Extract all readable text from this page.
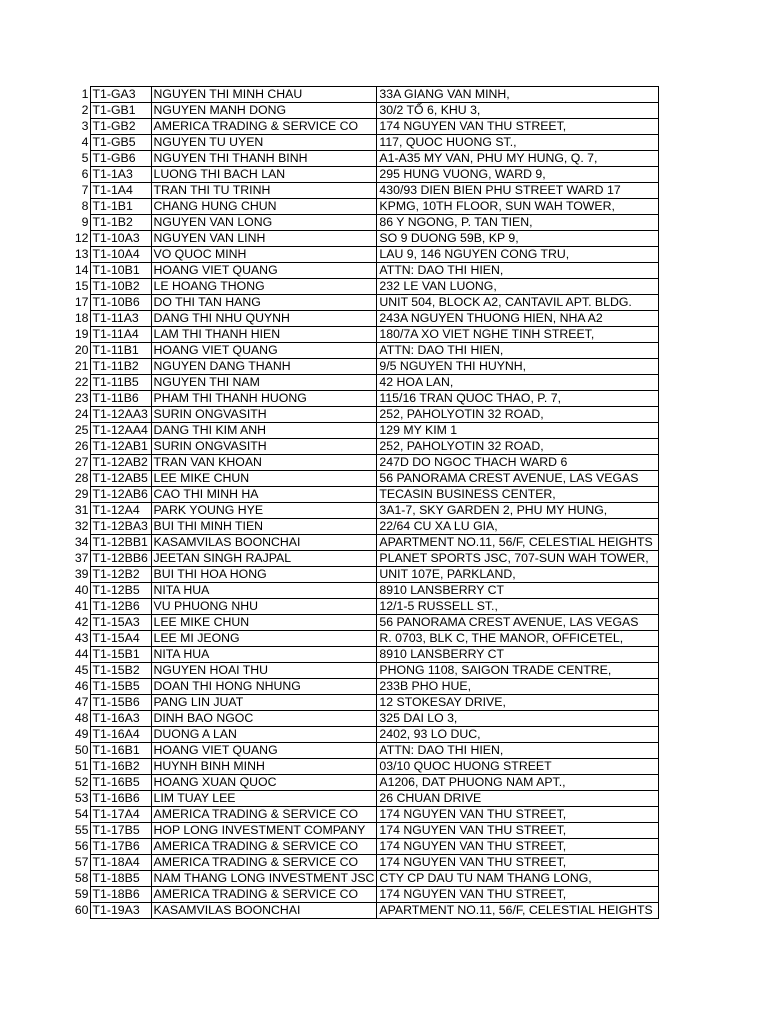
1	T1-GA3	NGUYEN THI MINH CHAU	33A GIANG VAN MINH,
2	T1-GB1	NGUYEN MANH DONG	30/2 TỐ 6, KHU 3,
3	T1-GB2	AMERICA TRADING & SERVICE CO	174 NGUYEN VAN THU STREET,
4	T1-GB5	NGUYEN TU UYEN	117, QUOC HUONG ST.,
5	T1-GB6	NGUYEN THI THANH BINH	A1-A35 MY VAN, PHU MY HUNG, Q. 7,
6	T1-1A3	LUONG THI BACH LAN	295 HUNG VUONG, WARD 9,
7	T1-1A4	TRAN THI TU TRINH	430/93 DIEN BIEN PHU STREET WARD 17
8	T1-1B1	CHANG HUNG CHUN	KPMG, 10TH FLOOR, SUN WAH TOWER,
9	T1-1B2	NGUYEN VAN LONG	86 Y NGONG, P. TAN TIEN,
12	T1-10A3	NGUYEN VAN LINH	SO 9 DUONG 59B, KP 9,
13	T1-10A4	VO QUOC MINH	LAU 9, 146 NGUYEN CONG TRU,
14	T1-10B1	HOANG VIET QUANG	ATTN: DAO THI HIEN,
15	T1-10B2	LE HOANG THONG	232 LE VAN LUONG,
17	T1-10B6	DO THI TAN HANG	UNIT 504, BLOCK A2, CANTAVIL APT. BLDG.
18	T1-11A3	DANG THI NHU QUYNH	243A NGUYEN THUONG HIEN, NHA A2
19	T1-11A4	LAM THI THANH HIEN	180/7A XO VIET NGHE TINH STREET,
20	T1-11B1	HOANG VIET QUANG	ATTN: DAO THI HIEN,
21	T1-11B2	NGUYEN DANG THANH	9/5 NGUYEN THI HUYNH,
22	T1-11B5	NGUYEN THI NAM	42 HOA LAN,
23	T1-11B6	PHAM THI THANH HUONG	115/16 TRAN QUOC THAO, P. 7,
24	T1-12AA3	SURIN ONGVASITH	252, PAHOLYOTIN 32 ROAD,
25	T1-12AA4	DANG THI KIM ANH	129 MY KIM 1
26	T1-12AB1	SURIN ONGVASITH	252, PAHOLYOTIN 32 ROAD,
27	T1-12AB2	TRAN VAN KHOAN	247D DO NGOC THACH WARD 6
28	T1-12AB5	LEE MIKE CHUN	56 PANORAMA CREST AVENUE, LAS VEGAS
29	T1-12AB6	CAO THI MINH HA	TECASIN BUSINESS CENTER,
31	T1-12A4	PARK YOUNG HYE	3A1-7, SKY GARDEN 2, PHU MY HUNG,
32	T1-12BA3	BUI THI MINH TIEN	22/64 CU XA LU GIA,
34	T1-12BB1	KASAMVILAS BOONCHAI	APARTMENT NO.11, 56/F, CELESTIAL HEIGHTS
37	T1-12BB6	JEETAN SINGH RAJPAL	PLANET SPORTS JSC, 707-SUN WAH TOWER,
39	T1-12B2	BUI THI HOA HONG	UNIT 107E, PARKLAND,
40	T1-12B5	NITA HUA	8910 LANSBERRY CT
41	T1-12B6	VU PHUONG NHU	12/1-5 RUSSELL ST.,
42	T1-15A3	LEE MIKE CHUN	56 PANORAMA CREST AVENUE, LAS VEGAS
43	T1-15A4	LEE MI JEONG	R. 0703, BLK C, THE MANOR, OFFICETEL,
44	T1-15B1	NITA HUA	8910 LANSBERRY CT
45	T1-15B2	NGUYEN HOAI THU	PHONG 1108, SAIGON TRADE CENTRE,
46	T1-15B5	DOAN THI HONG NHUNG	233B PHO HUE,
47	T1-15B6	PANG LIN JUAT	12 STOKESAY DRIVE,
48	T1-16A3	DINH BAO NGOC	325 DAI LO 3,
49	T1-16A4	DUONG A LAN	2402, 93 LO DUC,
50	T1-16B1	HOANG VIET QUANG	ATTN: DAO THI HIEN,
51	T1-16B2	HUYNH BINH MINH	03/10 QUOC HUONG STREET
52	T1-16B5	HOANG XUAN QUOC	A1206, DAT PHUONG NAM APT.,
53	T1-16B6	LIM TUAY LEE	26 CHUAN DRIVE
54	T1-17A4	AMERICA TRADING & SERVICE CO	174 NGUYEN VAN THU STREET,
55	T1-17B5	HOP LONG INVESTMENT COMPANY	174 NGUYEN VAN THU STREET,
56	T1-17B6	AMERICA TRADING & SERVICE CO	174 NGUYEN VAN THU STREET,
57	T1-18A4	AMERICA TRADING & SERVICE CO	174 NGUYEN VAN THU STREET,
58	T1-18B5	NAM THANG LONG INVESTMENT JSC	CTY CP DAU TU NAM THANG LONG,
59	T1-18B6	AMERICA TRADING & SERVICE CO	174 NGUYEN VAN THU STREET,
60	T1-19A3	KASAMVILAS BOONCHAI	APARTMENT NO.11, 56/F, CELESTIAL HEIGHTS
